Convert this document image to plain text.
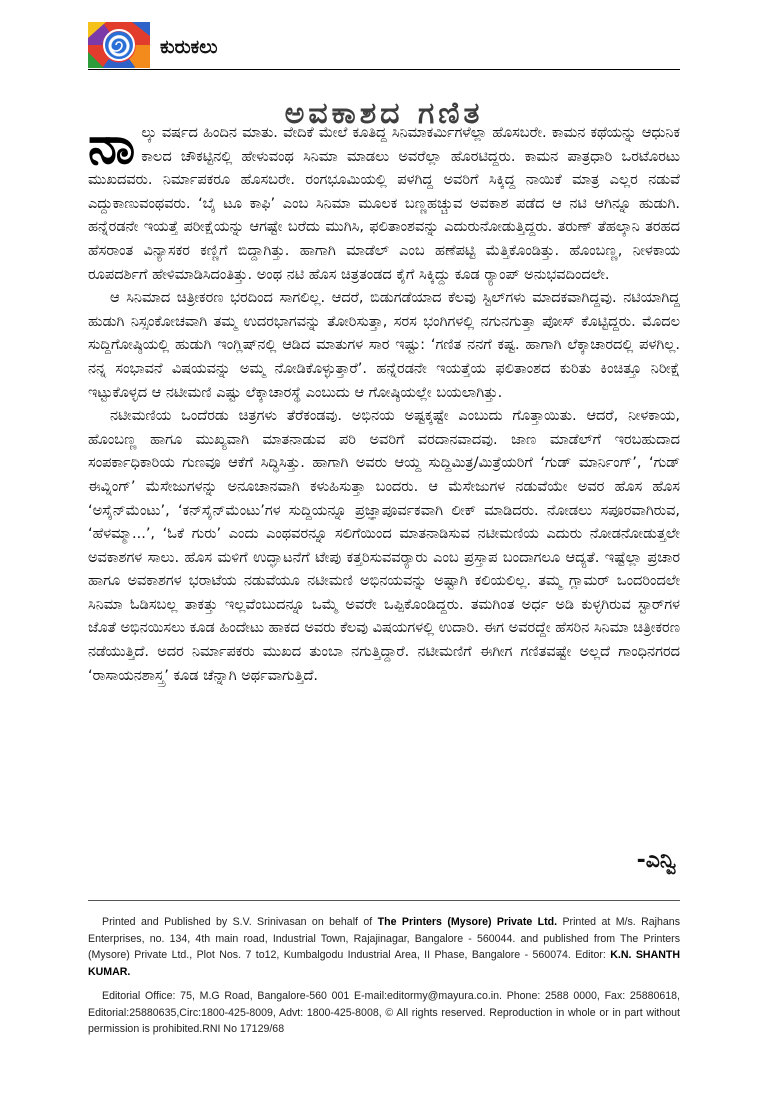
ಕುರುಕಲು
ಅವಕಾಶದ ಗಣಿತ

ನಾಲ್ಕು ವರ್ಷದ ಹಿಂದಿನ ಮಾತು. ವೇದಿಕೆ ಮೇಲೆ ಕೂತಿದ್ದ ಸಿನಿಮಾಕರ್ಮಿಗಳೆಲ್ಲಾ ಹೊಸಬರೇ. ಕಾಮನ ಕಥೆಯನ್ನು ಆಧುನಿಕ ಕಾಲದ ಚೌಕಟ್ಟಿನಲ್ಲಿ ಹೇಳುವಂಥ ಸಿನಿಮಾ ಮಾಡಲು ಅವರೆಲ್ಲಾ ಹೊರಟಿದ್ದರು. ಕಾಮನ ಪಾತ್ರಧಾರಿ ಒರಟೊರಟು ಮುಖದವರು. ನಿರ್ಮಾಪಕರೂ ಹೊಸಬರೇ. ರಂಗಭೂಮಿಯಲ್ಲಿ ಪಳಗಿದ್ದ ಅವರಿಗೆ ಸಿಕ್ಕಿದ್ದ ನಾಯಿಕೆ ಮಾತ್ರ ಎಲ್ಲರ ನಡುವೆ ಎದ್ದುಕಾಣುವಂಥವರು. ‘ಬೈ ಟೂ ಕಾಫಿ’ ಎಂಬ ಸಿನಿಮಾ ಮೂಲಕ ಬಣ್ಣಹಚ್ಚುವ ಅವಕಾಶ ಪಡೆದ ಆ ನಟಿ ಆಗಿನ್ನೂ ಹುಡುಗಿ. ಹನ್ನೆರಡನೇ ಇಯತ್ತೆ ಪರೀಕ್ಷೆಯನ್ನು ಆಗಷ್ಟೇ ಬರೆದು ಮುಗಿಸಿ, ಫಲಿತಾಂಶವನ್ನು ಎದುರುನೋಡುತ್ತಿದ್ದರು. ತರುಣ್ ತೆಹಲ್ಕಾನಿ ತರಹದ ಹೆಸರಾಂತ ವಿನ್ಯಾಸಕರ ಕಣ್ಣಿಗೆ ಬಿದ್ದಾಗಿತ್ತು. ಹಾಗಾಗಿ ಮಾಡೆಲ್ ಎಂಬ ಹಣೆಪಟ್ಟಿ ಮೆತ್ತಿಕೊಂಡಿತ್ತು. ಹೊಂಬಣ್ಣ, ನೀಳಕಾಯ ರೂಪದರ್ಶಿಗೆ ಹೇಳಿಮಾಡಿಸಿದಂತಿತ್ತು. ಅಂಥ ನಟಿ ಹೊಸ ಚಿತ್ರತಂಡದ ಕೈಗೆ ಸಿಕ್ಕಿದ್ದು ಕೂಡ ರ್‍ಯಾಂಪ್ ಅನುಭವದಿಂದಲೇ.

ಆ ಸಿನಿಮಾದ ಚಿತ್ರೀಕರಣ ಭರದಿಂದ ಸಾಗಲಿಲ್ಲ. ಆದರೆ, ಬಿಡುಗಡೆಯಾದ ಕೆಲವು ಸ್ಟಿಲ್‌ಗಳು ಮಾದಕವಾಗಿದ್ದವು. ನಟಿಯಾಗಿದ್ದ ಹುಡುಗಿ ನಿಸ್ಸಂಕೋಚವಾಗಿ ತಮ್ಮ ಉದರಭಾಗವನ್ನು ತೋರಿಸುತ್ತಾ, ಸರಸ ಭಂಗಿಗಳಲ್ಲಿ ನಗುನಗುತ್ತಾ ಪೋಸ್ ಕೊಟ್ಟಿದ್ದರು. ಮೊದಲ ಸುದ್ದಿಗೋಷ್ಠಿಯಲ್ಲಿ ಹುಡುಗಿ ಇಂಗ್ಲಿಷ್‌ನಲ್ಲಿ ಆಡಿದ ಮಾತುಗಳ ಸಾರ ಇಷ್ಟು: ‘ಗಣಿತ ನನಗೆ ಕಷ್ಟ. ಹಾಗಾಗಿ ಲೆಕ್ಕಾಚಾರದಲ್ಲಿ ಪಳಗಿಲ್ಲ. ನನ್ನ ಸಂಭಾವನೆ ವಿಷಯವನ್ನು ಅಮ್ಮ ನೋಡಿಕೊಳ್ಳುತ್ತಾರೆ’. ಹನ್ನೆರಡನೇ ಇಯತ್ತೆಯ ಫಲಿತಾಂಶದ ಕುರಿತು ಕಿಂಚಿತ್ತೂ ನಿರೀಕ್ಷೆ ಇಟ್ಟುಕೊಳ್ಳದ ಆ ನಟೀಮಣಿ ಎಷ್ಟು ಲೆಕ್ಕಾಚಾರಸ್ಥೆ ಎಂಬುದು ಆ ಗೋಷ್ಠಿಯಲ್ಲೇ ಬಯಲಾಗಿತ್ತು.

ನಟೀಮಣಿಯ ಒಂದೆರಡು ಚಿತ್ರಗಳು ತೆರೆಕಂಡವು. ಅಭಿನಯ ಅಷ್ಟಕ್ಕಷ್ಟೇ ಎಂಬುದು ಗೊತ್ತಾಯಿತು. ಆದರೆ, ನೀಳಕಾಯ, ಹೊಂಬಣ್ಣ ಹಾಗೂ ಮುಖ್ಯವಾಗಿ ಮಾತನಾಡುವ ಪರಿ ಅವರಿಗೆ ವರದಾನವಾದವು. ಜಾಣ ಮಾಡೆಲ್‌ಗೆ ಇರಬಹುದಾದ ಸಂಪರ್ಕಾಧಿಕಾರಿಯ ಗುಣವೂ ಆಕೆಗೆ ಸಿದ್ಧಿಸಿತ್ತು. ಹಾಗಾಗಿ ಅವರು ಆಯ್ದ ಸುದ್ದಿಮಿತ್ರ/ಮಿತ್ರೆಯರಿಗೆ ‘ಗುಡ್ ಮಾರ್ನಿಂಗ್’, ‘ಗುಡ್ ಈವ್ನಿಂಗ್’ ಮೆಸೇಜುಗಳನ್ನು ಅನೂಚಾನವಾಗಿ ಕಳುಹಿಸುತ್ತಾ ಬಂದರು. ಆ ಮೆಸೇಜುಗಳ ನಡುವೆಯೇ ಅವರ ಹೊಸ ಹೊಸ ‘ಅಸೈನ್‌ಮೆಂಟು’, ‘ಕನ್‌ಸೈನ್‌ಮೆಂಟು’ಗಳ ಸುದ್ದಿಯನ್ನೂ ಪ್ರಜ್ಞಾಪೂರ್ವಕವಾಗಿ ಲೀಕ್ ಮಾಡಿದರು. ನೋಡಲು ಸಪೂರವಾಗಿರುವ, ‘ಹೆಳಮ್ಮಾ...’, ‘ಓಕೆ ಗುರು’ ಎಂದು ಎಂಥವರನ್ನೂ ಸಲಿಗೆಯಿಂದ ಮಾತನಾಡಿಸುವ ನಟೀಮಣಿಯ ಎದುರು ನೋಡನೋಡುತ್ತಲೇ ಅವಕಾಶಗಳ ಸಾಲು. ಹೊಸ ಮಳಿಗೆ ಉದ್ಘಾಟನೆಗೆ ಟೇಪು ಕತ್ತರಿಸುವವರ್‍ಯಾರು ಎಂಬ ಪ್ರಸ್ತಾಪ ಬಂದಾಗಲೂ ಆದ್ಯತೆ. ಇಷ್ಟೆಲ್ಲಾ ಪ್ರಚಾರ ಹಾಗೂ ಅವಕಾಶಗಳ ಭರಾಟೆಯ ನಡುವೆಯೂ ನಟೀಮಣಿ ಅಭಿನಯವನ್ನು ಅಷ್ಟಾಗಿ ಕಲಿಯಲಿಲ್ಲ. ತಮ್ಮ ಗ್ಲಾಮರ್ ಒಂದರಿಂದಲೇ ಸಿನಿಮಾ ಓಡಿಸಬಲ್ಲ ತಾಕತ್ತು ಇಲ್ಲವೆಂಬುದನ್ನೂ ಒಮ್ಮೆ ಅವರೇ ಒಪ್ಪಿಕೊಂಡಿದ್ದರು. ತಮಗಿಂತ ಅರ್ಧ ಅಡಿ ಕುಳ್ಳಗಿರುವ ಸ್ಟಾರ್‌ಗಳ ಜೊತೆ ಅಭಿನಯಿಸಲು ಕೂಡ ಹಿಂದೇಟು ಹಾಕದ ಅವರು ಕೆಲವು ವಿಷಯಗಳಲ್ಲಿ ಉದಾರಿ. ಈಗ ಅವರದ್ದೇ ಹೆಸರಿನ ಸಿನಿಮಾ ಚಿತ್ರೀಕರಣ ನಡೆಯುತ್ತಿದೆ. ಅದರ ನಿರ್ಮಾಪಕರು ಮುಖದ ತುಂಬಾ ನಗುತ್ತಿದ್ದಾರೆ. ನಟೀಮಣಿಗೆ ಈಗೀಗ ಗಣಿತವಷ್ಟೇ ಅಲ್ಲದೆ ಗಾಂಧಿನಗರದ ‘ರಾಸಾಯನಶಾಸ್ತ್ರ’ ಕೂಡ ಚೆನ್ನಾಗಿ ಅರ್ಥವಾಗುತ್ತಿದೆ.

-ಎನ್ವಿ

Printed and Published by S.V. Srinivasan on behalf of The Printers (Mysore) Private Ltd. Printed at M/s. Rajhans Enterprises, no. 134, 4th main road, Industrial Town, Rajajinagar, Bangalore - 560044. and published from The Printers (Mysore) Private Ltd., Plot Nos. 7 to12, Kumbalgodu Industrial Area, II Phase, Bangalore - 560074. Editor: K.N. SHANTH KUMAR.

Editorial Office: 75, M.G Road, Bangalore-560 001 E-mail:editormy@mayura.co.in. Phone: 2588 0000, Fax: 25880618, Editorial:25880635,Circ:1800-425-8009, Advt: 1800-425-8008, © All rights reserved. Reproduction in whole or in part without permission is prohibited.RNI No 17129/68
